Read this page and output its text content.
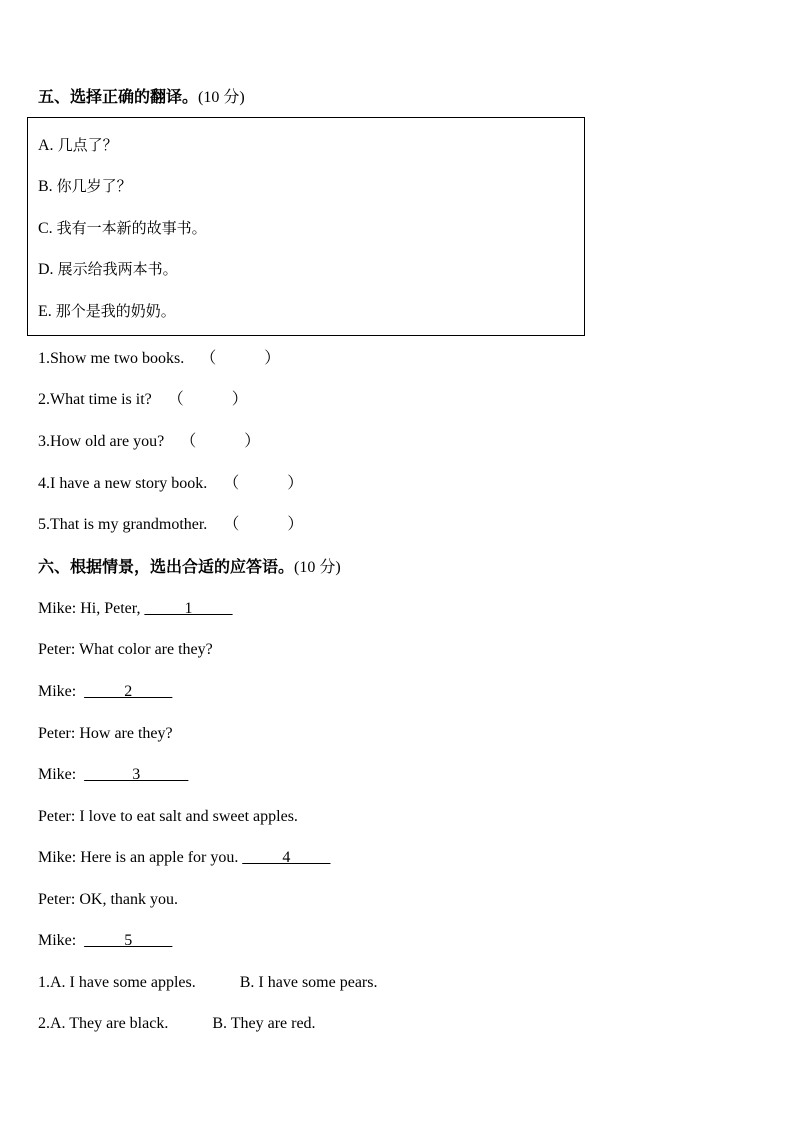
五、选择正确的翻译。(10 分)
A. 几点了？
B. 你几岁了？
C. 我有一本新的故事书。
D. 展示给我两本书。
E. 那个是我的奶奶。
1.Show me two books. （            ）
2.What time is it? （            ）
3.How old are you? （            ）
4.I have a new story book. （            ）
5.That is my grandmother. （            ）
六、根据情景，选出合适的应答语。(10 分)
Mike: Hi, Peter, _____1_____
Peter: What color are they?
Mike: _____2_____
Peter: How are they?
Mike: ______3______
Peter: I love to eat salt and sweet apples.
Mike: Here is an apple for you. _____4_____
Peter: OK, thank you.
Mike: _____5_____
1.A. I have some apples.	B. I have some pears.
2.A. They are black.	B. They are red.
